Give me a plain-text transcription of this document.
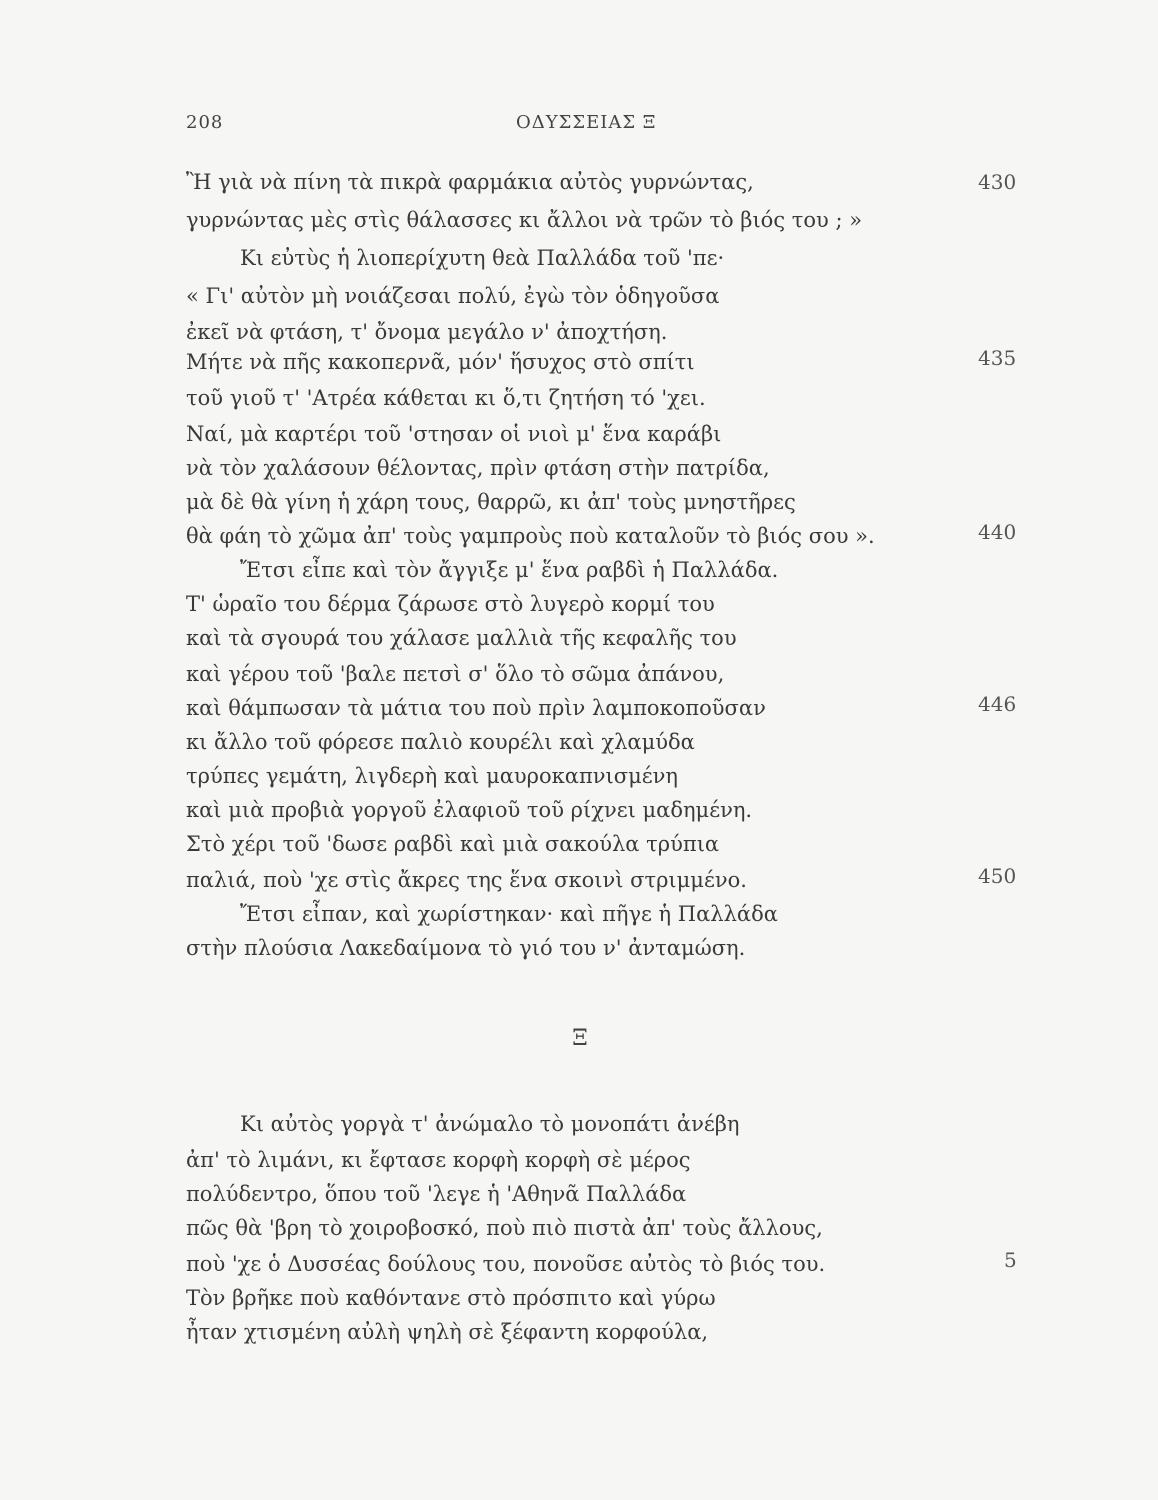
208	ΟΔΥΣΣΕΙΑΣ Ξ
Ἢ γιὰ νὰ πίνη τὰ πικρὰ φαρμάκια αὐτὸς γυρνώντας,
γυρνώντας μὲς στὶς θάλασσες κι ἄλλοι νὰ τρῶν τὸ βιός του ; »
Κι εὐτὺς ἡ λιοπερίχυτη θεὰ Παλλάδα τοῦ 'πε·
« Γι' αὐτὸν μὴ νοιάζεσαι πολύ, ἐγὼ τὸν ὁδηγοῦσα
ἐκεῖ νὰ φτάση, τ' ὄνομα μεγάλο ν' ἀποχτήση.
Μήτε νὰ πῆς κακοπερνᾶ, μόν' ἥσυχος στὸ σπίτι
τοῦ γιοῦ τ' 'Ατρέα κάθεται κι ὅ,τι ζητήση τό 'χει.
Ναί, μὰ καρτέρι τοῦ 'στησαν οἱ νιοὶ μ' ἕνα καράβι
νὰ τὸν χαλάσουν θέλοντας, πρὶν φτάση στὴν πατρίδα,
μὰ δὲ θὰ γίνη ἡ χάρη τους, θαρρῶ, κι ἀπ' τοὺς μνηστῆρες
θὰ φάη τὸ χῶμα ἀπ' τοὺς γαμπροὺς ποὺ καταλοῦν τὸ βιός σου ».
Ἔτσι εἶπε καὶ τὸν ἄγγιξε μ' ἕνα ραβδὶ ἡ Παλλάδα.
Τ' ὡραῖο του δέρμα ζάρωσε στὸ λυγερὸ κορμί του
καὶ τὰ σγουρά του χάλασε μαλλιὰ τῆς κεφαλῆς του
καὶ γέρου τοῦ 'βαλε πετσὶ σ' ὅλο τὸ σῶμα ἀπάνου,
καὶ θάμπωσαν τὰ μάτια του ποὺ πρὶν λαμποκοποῦσαν
κι ἄλλο τοῦ φόρεσε παλιὸ κουρέλι καὶ χλαμύδα
τρύπες γεμάτη, λιγδερὴ καὶ μαυροκαπνισμένη
καὶ μιὰ προβιὰ γοργοῦ ἐλαφιοῦ τοῦ ρίχνει μαδημένη.
Στὸ χέρι τοῦ 'δωσε ραβδὶ καὶ μιὰ σακούλα τρύπια
παλιά, ποὺ 'χε στὶς ἄκρες της ἕνα σκοινὶ στριμμένο.
Ἔτσι εἶπαν, καὶ χωρίστηκαν· καὶ πῆγε ἡ Παλλάδα
στὴν πλούσια Λακεδαίμονα τὸ γιό του ν' ἀνταμώση.
430
435
440
446
450
Ξ
Κι αὐτὸς γοργὰ τ' ἀνώμαλο τὸ μονοπάτι ἀνέβη
ἀπ' τὸ λιμάνι, κι ἔφτασε κορφὴ κορφὴ σὲ μέρος
πολύδεντρο, ὅπου τοῦ 'λεγε ἡ 'Αθηνᾶ Παλλάδα
πῶς θὰ 'βρη τὸ χοιροβοσκό, ποὺ πιὸ πιστὰ ἀπ' τοὺς ἄλλους,
ποὺ 'χε ὁ Δυσσέας δούλους του, πονοῦσε αὐτὸς τὸ βιός του.
Τὸν βρῆκε ποὺ καθόντανε στὸ πρόσπιτο καὶ γύρω
ἦταν χτισμένη αὐλὴ ψηλὴ σὲ ξέφαντη κορφούλα,
5
